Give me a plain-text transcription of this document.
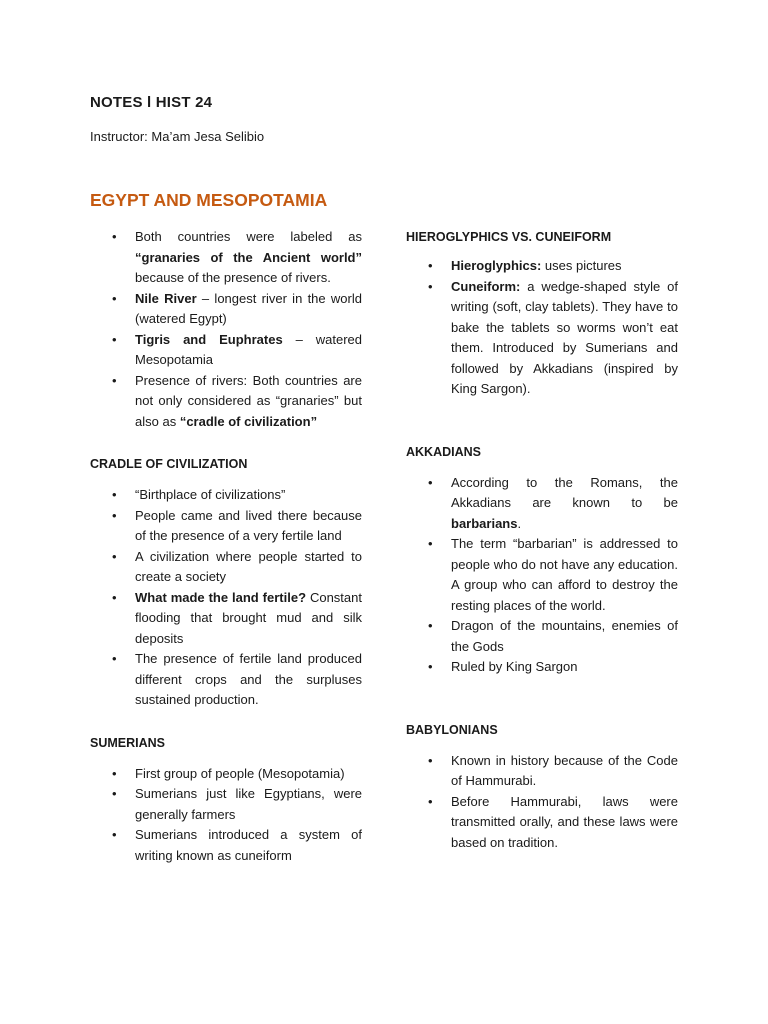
NOTES l HIST 24
Instructor: Ma’am Jesa Selibio
EGYPT AND MESOPOTAMIA
• Both countries were labeled as “granaries of the Ancient world” because of the presence of rivers.
• Nile River – longest river in the world (watered Egypt)
• Tigris and Euphrates – watered Mesopotamia
• Presence of rivers: Both countries are not only considered as “granaries” but also as “cradle of civilization”
CRADLE OF CIVILIZATION
• “Birthplace of civilizations”
• People came and lived there because of the presence of a very fertile land
• A civilization where people started to create a society
• What made the land fertile? Constant flooding that brought mud and silk deposits
• The presence of fertile land produced different crops and the surpluses sustained production.
SUMERIANS
• First group of people (Mesopotamia)
• Sumerians just like Egyptians, were generally farmers
• Sumerians introduced a system of writing known as cuneiform
HIEROGLYPHICS VS. CUNEIFORM
• Hieroglyphics: uses pictures
• Cuneiform: a wedge-shaped style of writing (soft, clay tablets). They have to bake the tablets so worms won’t eat them. Introduced by Sumerians and followed by Akkadians (inspired by King Sargon).
AKKADIANS
• According to the Romans, the Akkadians are known to be barbarians.
• The term “barbarian” is addressed to people who do not have any education. A group who can afford to destroy the resting places of the world.
• Dragon of the mountains, enemies of the Gods
• Ruled by King Sargon
BABYLONIANS
• Known in history because of the Code of Hammurabi.
• Before Hammurabi, laws were transmitted orally, and these laws were based on tradition.
